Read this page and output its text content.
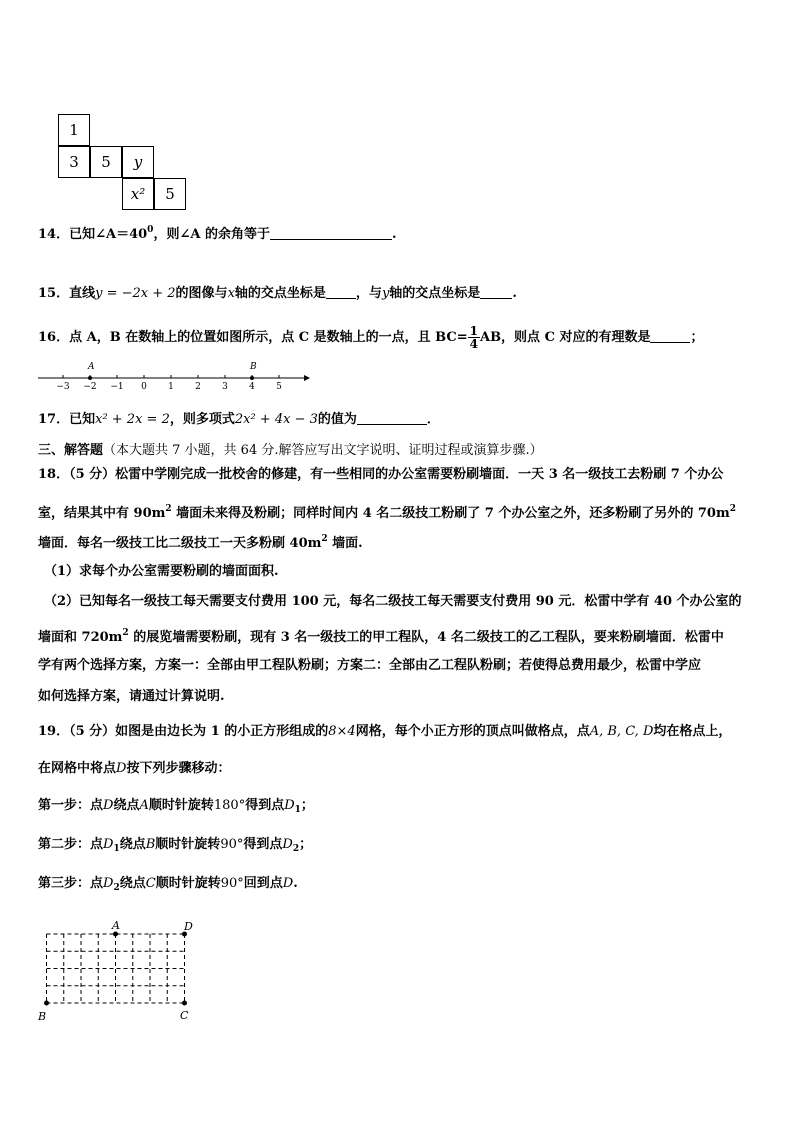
1
3	5	y
x²	5
14．已知$\angle A=40^0$，则∠A 的余角等于	.
15．直线y = −2x + 2的图像与x轴的交点坐标是 ，与y轴的交点坐标是 .
16．点 A，B 在数轴上的位置如图所示，点 C 是数轴上的一点，且 $BC= \frac{1}{4}$ AB，则点 C 对应的有理数是	；
−3 −2 −1 0 1 2 3 4 5
A	B
17．已知x² + 2x = 2，则多项式2x² + 4x − 3的值为	．
三、解答题（本大题共 7 小题，共 64 分.解答应写出文字说明、证明过程或演算步骤.）
18．（5 分）松雷中学刚完成一批校舍的修建，有一些相同的办公室需要粉刷墙面．一天 3 名一级技工去粉刷 7 个办公
室，结果其中有 $90m^2$ 墙面未来得及粉刷；同样时间内 4 名二级技工粉刷了 7 个办公室之外，还多粉刷了另外的 $70m^2$
墙面．每名一级技工比二级技工一天多粉刷 $40m^2$ 墙面.
（1）求每个办公室需要粉刷的墙面面积.
（2）已知每名一级技工每天需要支付费用 100 元，每名二级技工每天需要支付费用 90 元．松雷中学有 40 个办公室的
墙面和 $720m^2$ 的展览墙需要粉刷，现有 3 名一级技工的甲工程队，4 名二级技工的乙工程队，要来粉刷墙面．松雷中
学有两个选择方案，方案一：全部由甲工程队粉刷；方案二：全部由乙工程队粉刷；若使得总费用最少，松雷中学应
如何选择方案，请通过计算说明.
19．（5 分）如图是由边长为 1 的小正方形组成的8×4网格，每个小正方形的顶点叫做格点，点A, B, C, D均在格点上，
在网格中将点D按下列步骤移动：
第一步：点D绕点A顺时针旋转180°得到点$D_1$；
第二步：点$D_1$绕点B顺时针旋转90°得到点$D_2$；
第三步：点$D_2$绕点C顺时针旋转90°回到点D.
A	D
B	C
